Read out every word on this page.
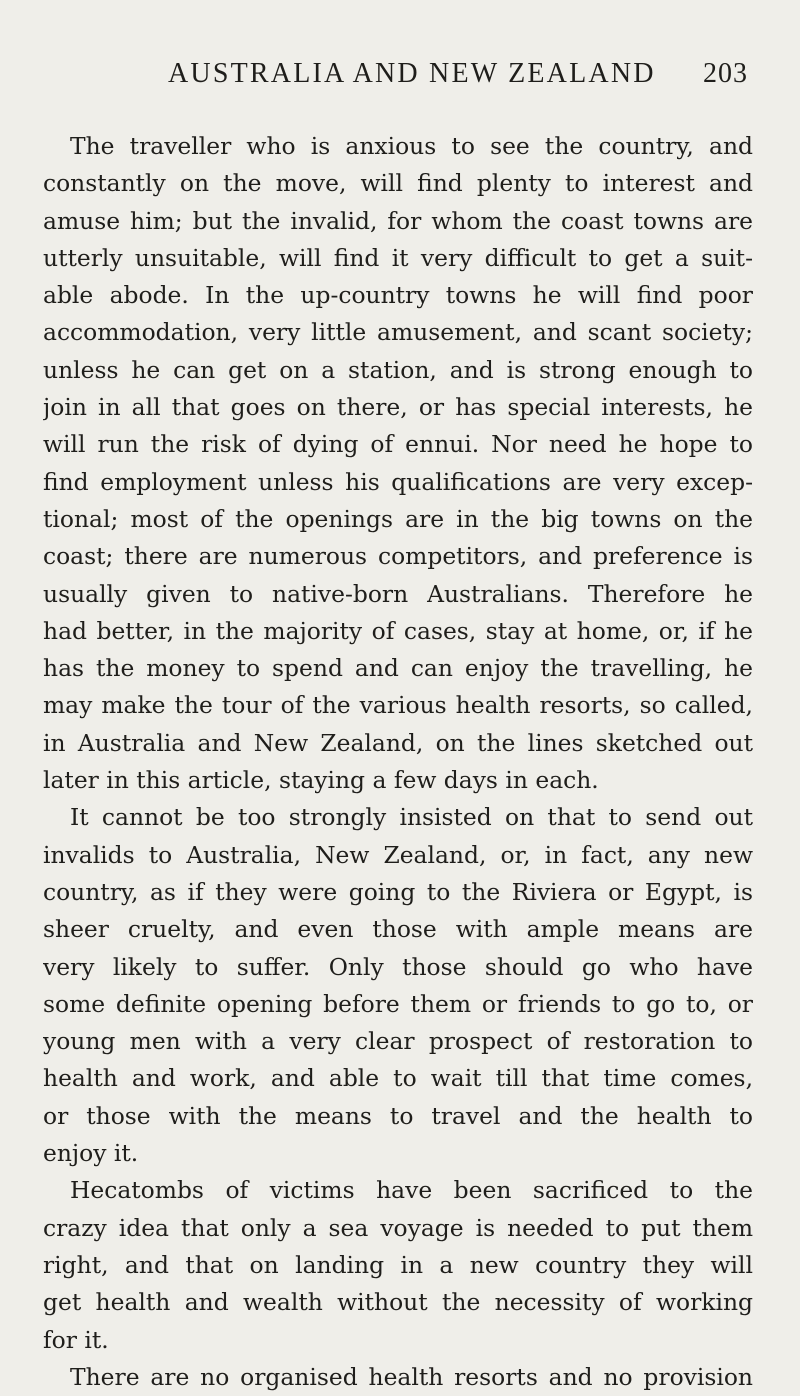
AUSTRALIA AND NEW ZEALAND 203
The traveller who is anxious to see the country, and
constantly on the move, will find plenty to interest and
amuse him; but the invalid, for whom the coast towns are
utterly unsuitable, will find it very difficult to get a suit-
able abode. In the up-country towns he will find poor
accommodation, very little amusement, and scant society;
unless he can get on a station, and is strong enough to
join in all that goes on there, or has special interests, he
will run the risk of dying of ennui. Nor need he hope to
find employment unless his qualifications are very excep-
tional; most of the openings are in the big towns on the
coast; there are numerous competitors, and preference is
usually given to native-born Australians. Therefore he
had better, in the majority of cases, stay at home, or, if he
has the money to spend and can enjoy the travelling, he
may make the tour of the various health resorts, so called,
in Australia and New Zealand, on the lines sketched out
later in this article, staying a few days in each.
It cannot be too strongly insisted on that to send out
invalids to Australia, New Zealand, or, in fact, any new
country, as if they were going to the Riviera or Egypt, is
sheer cruelty, and even those with ample means are
very likely to suffer. Only those should go who have
some definite opening before them or friends to go to, or
young men with a very clear prospect of restoration to
health and work, and able to wait till that time comes,
or those with the means to travel and the health to
enjoy it.
Hecatombs of victims have been sacrificed to the
crazy idea that only a sea voyage is needed to put them
right, and that on landing in a new country they will
get health and wealth without the necessity of working
for it.
There are no organised health resorts and no provision
